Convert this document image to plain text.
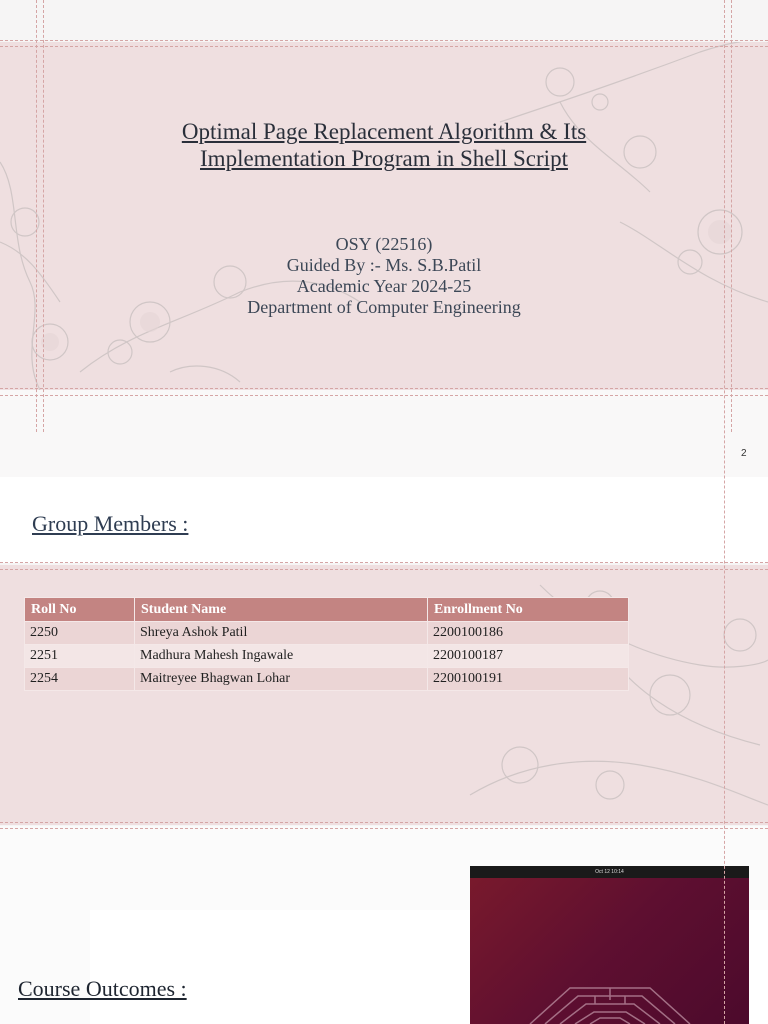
Optimal Page Replacement Algorithm & Its
Implementation Program in Shell Script
OSY (22516)
Guided By :- Ms. S.B.Patil
Academic Year 2024-25
Department of Computer Engineering
2
Group Members :
Roll No	Student Name	Enrollment No
2250	Shreya Ashok Patil	2200100186
2251	Madhura Mahesh Ingawale	2200100187
2254	Maitreyee Bhagwan Lohar	2200100191
Course Outcomes :
Oct 12 10:14
